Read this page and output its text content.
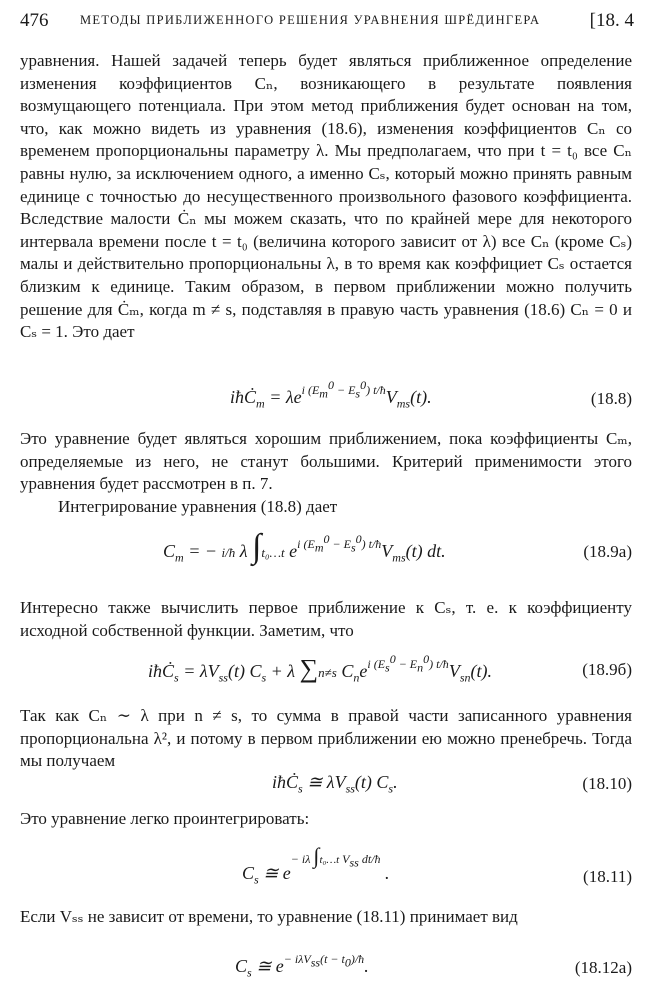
476	МЕТОДЫ ПРИБЛИЖЕННОГО РЕШЕНИЯ УРАВНЕНИЯ ШРЁДИНГЕРА	[18. 4

уравнения. Нашей задачей теперь будет являться приближенное определение изменения коэффициентов Cₙ, возникающего в результате появления возмущающего потенциала. При этом метод приближения будет основан на том, что, как можно видеть из уравнения (18.6), изменения коэффициентов Cₙ со временем пропорциональны параметру λ. Мы предполагаем, что при t = t₀ все Cₙ равны нулю, за исключением одного, а именно Cₛ, который можно принять равным единице с точностью до несущественного произвольного фазового коэффициента. Вследствие малости Ċₙ мы можем сказать, что по крайней мере для некоторого интервала времени после t = t₀ (величина которого зависит от λ) все Cₙ (кроме Cₛ) малы и действительно пропорциональны λ, в то время как коэффициет Cₛ остается близким к единице. Таким образом, в первом приближении можно получить решение для Ċₘ, когда m ≠ s, подставляя в правую часть уравнения (18.6) Cₙ = 0 и Cₛ = 1. Это дает

iħĊ$_m$ = $\lambda e^{i (E_m^0 - E_s^0) t/ħ}V_{ms}(t)$.	(18.8)

Это уравнение будет являться хорошим приближением, пока коэффициенты Cₘ, определяемые из него, не станут большими. Критерий применимости этого уравнения будет рассмотрен в п. 7.

Интегрирование уравнения (18.8) дает

$C_m$ = − i/ħ λ ∫t₀…t $e^{i (E_m^0 - E_s^0) t/ħ}V_{ms}(t)$ dt.	(18.9a)

Интересно также вычислить первое приближение к Cₛ, т. е. к коэффициенту исходной собственной функции. Заметим, что

iħĊ$_s$ = $\lambda V_{ss}(t) C_s + \lambda$ ∑n≠s $C_ne^{i (E_s^0 - E_n^0) t/ħ}V_{sn}(t)$.	(18.9б)

Так как Cₙ ∼ λ при n ≠ s, то сумма в правой части записанного уравнения пропорциональна λ², и потому в первом приближении ею можно пренебречь. Тогда мы получаем

iħĊ$_s$ ≅ $\lambda V_{ss}(t)$ $C_s$.	(18.10)

Это уравнение легко проинтегрировать:

$C_s$ ≅ $e^{- i\lambda \int t_0\dots t V_{ss} dt/ħ}$ .	(18.11)

Если Vₛₛ не зависит от времени, то уравнение (18.11) принимает вид

$C_s$ ≅ $e^{- i\lambda V_{ss}(t - t_0)/ħ}$.	(18.12a)
